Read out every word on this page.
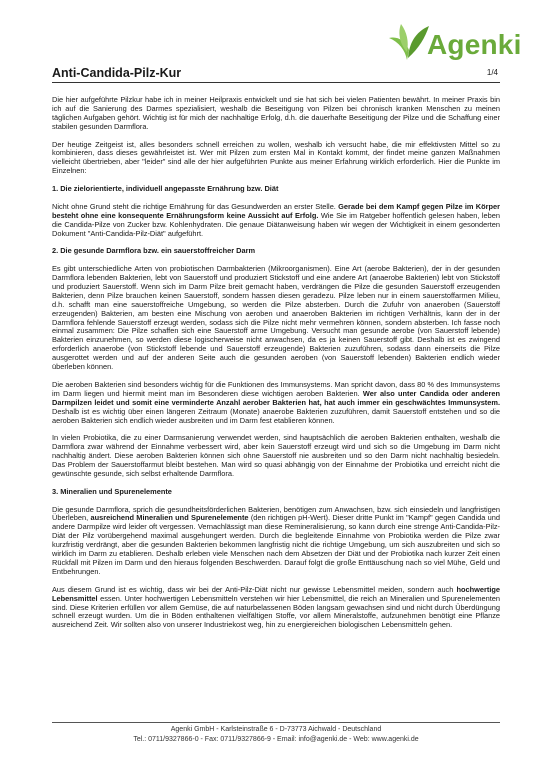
Agenki
Anti-Candida-Pilz-Kur	1/4

Die hier aufgeführte Pilzkur habe ich in meiner Heilpraxis entwickelt und sie hat sich bei vielen Patienten bewährt. In meiner Praxis bin ich auf die Sanierung des Darmes spezialisiert, weshalb die Beseitigung von Pilzen bei chronisch kranken Menschen zu meinen täglichen Aufgaben gehört. Wichtig ist für mich der nachhaltige Erfolg, d.h. die dauerhafte Beseitigung der Pilze und die Schaffung einer stabilen gesunden Darmflora.

Der heutige Zeitgeist ist, alles besonders schnell erreichen zu wollen, weshalb ich versucht habe, die mir effektivsten Mittel so zu kombinieren, dass dieses gewährleistet ist. Wer mit Pilzen zum ersten Mal in Kontakt kommt, der findet meine ganzen Maßnahmen vielleicht übertrieben, aber "leider" sind alle der hier aufgeführten Punkte aus meiner Erfahrung wirklich erforderlich. Hier die Punkte im Einzelnen:

1. Die zielorientierte, individuell angepasste Ernährung bzw. Diät

Nicht ohne Grund steht die richtige Ernährung für das Gesundwerden an erster Stelle. Gerade bei dem Kampf gegen Pilze im Körper besteht ohne eine konsequente Ernährungsform keine Aussicht auf Erfolg. Wie Sie im Ratgeber hoffentlich gelesen haben, leben die Candida-Pilze von Zucker bzw. Kohlenhydraten. Die genaue Diätanweisung haben wir wegen der Wichtigkeit in einem gesonderten Dokument "Anti-Candida-Pilz-Diät" aufgeführt.

2. Die gesunde Darmflora bzw. ein sauerstoffreicher Darm

Es gibt unterschiedliche Arten von probiotischen Darmbakterien (Mikroorganismen). Eine Art (aerobe Bakterien), der in der gesunden Darmflora lebenden Bakterien, lebt von Sauerstoff und produziert Stickstoff und eine andere Art (anaerobe Bakterien) lebt von Stickstoff und produziert Sauerstoff. Wenn sich im Darm Pilze breit gemacht haben, verdrängen die Pilze die gesunden Sauerstoff erzeugenden Bakterien, denn Pilze brauchen keinen Sauerstoff, sondern hassen diesen geradezu. Pilze leben nur in einem sauerstoffarmen Milieu, d.h. schafft man eine sauerstoffreiche Umgebung, so werden die Pilze absterben. Durch die Zufuhr von anaeroben (Sauerstoff erzeugenden) Bakterien, am besten eine Mischung von aeroben und anaeroben Bakterien im richtigen Verhältnis, kann der in der Darmflora fehlende Sauerstoff erzeugt werden, sodass sich die Pilze nicht mehr vermehren können, sondern absterben. Ich fasse noch einmal zusammen: Die Pilze schaffen sich eine Sauerstoff arme Umgebung. Versucht man gesunde aerobe (von Sauerstoff lebende) Bakterien einzunehmen, so werden diese logischerweise nicht anwachsen, da es ja keinen Sauerstoff gibt. Deshalb ist es zwingend erforderlich anaerobe (von Stickstoff lebende und Sauerstoff erzeugende) Bakterien zuzuführen, sodass dann einerseits die Pilze ausgerottet werden und auf der anderen Seite auch die gesunden aeroben (von Sauerstoff lebenden) Bakterien endlich wieder überleben können.

Die aeroben Bakterien sind besonders wichtig für die Funktionen des Immunsystems. Man spricht davon, dass 80 % des Immunsystems im Darm liegen und hiermit meint man im Besonderen diese wichtigen aeroben Bakterien. Wer also unter Candida oder anderen Darmpilzen leidet und somit eine verminderte Anzahl aerober Bakterien hat, hat auch immer ein geschwächtes Immunsystem. Deshalb ist es wichtig über einen längeren Zeitraum (Monate) anaerobe Bakterien zuzuführen, damit Sauerstoff entstehen und so die aeroben Bakterien sich endlich wieder ausbreiten und im Darm fest etablieren können.

In vielen Probiotika, die zu einer Darmsanierung verwendet werden, sind hauptsächlich die aeroben Bakterien enthalten, weshalb die Darmflora zwar während der Einnahme verbessert wird, aber kein Sauerstoff erzeugt wird und sich so die Umgebung im Darm nicht nachhaltig ändert. Diese aeroben Bakterien können sich ohne Sauerstoff nie ausbreiten und so den Darm nicht nachhaltig besiedeln. Das Problem der Sauerstoffarmut bleibt bestehen. Man wird so quasi abhängig von der Einnahme der Probiotika und erreicht nicht die gewünschte gesunde, sich selbst erhaltende Darmflora.

3. Mineralien und Spurenelemente

Die gesunde Darmflora, sprich die gesundheitsförderlichen Bakterien, benötigen zum Anwachsen, bzw. sich einsiedeln und langfristigen Überleben, ausreichend Mineralien und Spurenelemente (den richtigen pH-Wert). Dieser dritte Punkt im "Kampf" gegen Candida und andere Darmpilze wird leider oft vergessen. Vernachlässigt man diese Remineralisierung, so kann durch eine strenge Anti-Candida-Pilz-Diät der Pilz vorübergehend maximal ausgehungert werden. Durch die begleitende Einnahme von Probiotika werden die Pilze zwar kurzfristig verdrängt, aber die gesunden Bakterien bekommen langfristig nicht die richtige Umgebung, um sich auszubreiten und sich so wirklich im Darm zu etablieren. Deshalb erleben viele Menschen nach dem Absetzen der Diät und der Probiotika nach kurzer Zeit einen Rückfall mit Pilzen im Darm und den hieraus folgenden Beschwerden. Darauf folgt die große Enttäuschung nach so viel Mühe, Geld und Entbehrungen.

Aus diesem Grund ist es wichtig, dass wir bei der Anti-Pilz-Diät nicht nur gewisse Lebensmittel meiden, sondern auch hochwertige Lebensmittel essen. Unter hochwertigen Lebensmitteln verstehen wir hier Lebensmittel, die reich an Mineralien und Spurenelementen sind. Diese Kriterien erfüllen vor allem Gemüse, die auf naturbelassenen Böden langsam gewachsen sind und nicht durch Überdüngung schnell erzeugt wurden. Um die in Böden enthaltenen vielfältigen Stoffe, vor allem Mineralstoffe, aufzunehmen benötigt eine Pflanze ausreichend Zeit. Wir sollten also von unserer Industriekost weg, hin zu energiereichen biologischen Lebensmitteln gehen.

Agenki GmbH - Karlsteinstraße 6 - D-73773 Aichwald - Deutschland
Tel.: 0711/9327866-0 - Fax: 0711/9327866-9 - Email: info@agenki.de - Web: www.agenki.de
